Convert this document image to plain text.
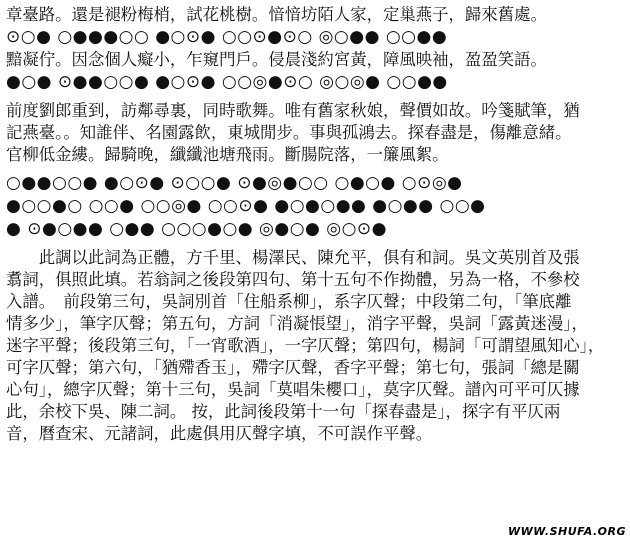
章臺路。還是褪粉梅梢，試花桃樹。愔愔坊陌人家，定巢燕子，歸來舊處。
⊙○● ○●●●○○ ●○⊙● ○○⊙●⊙○ ◎○●● ○○●●
黯凝佇。因念個人癡小，乍窺門戶。侵晨淺約宮黃，障風映袖，盈盈笑語。
●○● ⊙●●○○● ●○⊙● ○○◎●⊙○ ◎○◎● ○○●●
前度劉郎重到，訪鄰尋裏，同時歌舞。唯有舊家秋娘，聲價如故。吟箋賦筆，猶
記燕臺。。知誰伴、名園露飲，東城閒步。事與孤鴻去。探春盡是，傷離意緒。
官柳低金縷。歸騎晚，纖纖池塘飛雨。斷腸院落，一簾風絮。
○●●○○● ●○⊙● ⊙○○● ⊙●◎●○○ ○●○● ○⊙◎●
●○○●○ ○○● ○○◎● ○○⊙● ●○●○●● ●○●● ○○●
● ⊙●○●● ○●● ○○○●○● ◎●○● ◎○⊙●
　　此調以此詞為正體，方千里、楊澤民、陳允平，俱有和詞。吳文英別首及張
翥詞，俱照此填。若翁詞之後段第四句、第十五句不作拗體，另為一格，不參校
入譜。　前段第三句，吳詞別首「住船系柳」，系字仄聲；中段第二句，「筆底離
情多少」，筆字仄聲；第五句，方詞「消凝悵望」，消字平聲，吳詞「露黃迷漫」，
迷字平聲；後段第三句，「一宵歌酒」，一字仄聲；第四句，楊詞「可謂望風知心」，
可字仄聲；第六句，「猶殢香玉」，殢字仄聲，香字平聲；第七句，張詞「總是關
心句」，總字仄聲；第十三句，吳詞「莫唱朱櫻口」，莫字仄聲。譜內可平可仄據
此，余校下吳、陳二詞。 按，此詞後段第十一句「探春盡是」，探字有平仄兩
音，曆查宋、元諸詞，此處俱用仄聲字填，不可誤作平聲。
WWW.SHUFA.ORG
